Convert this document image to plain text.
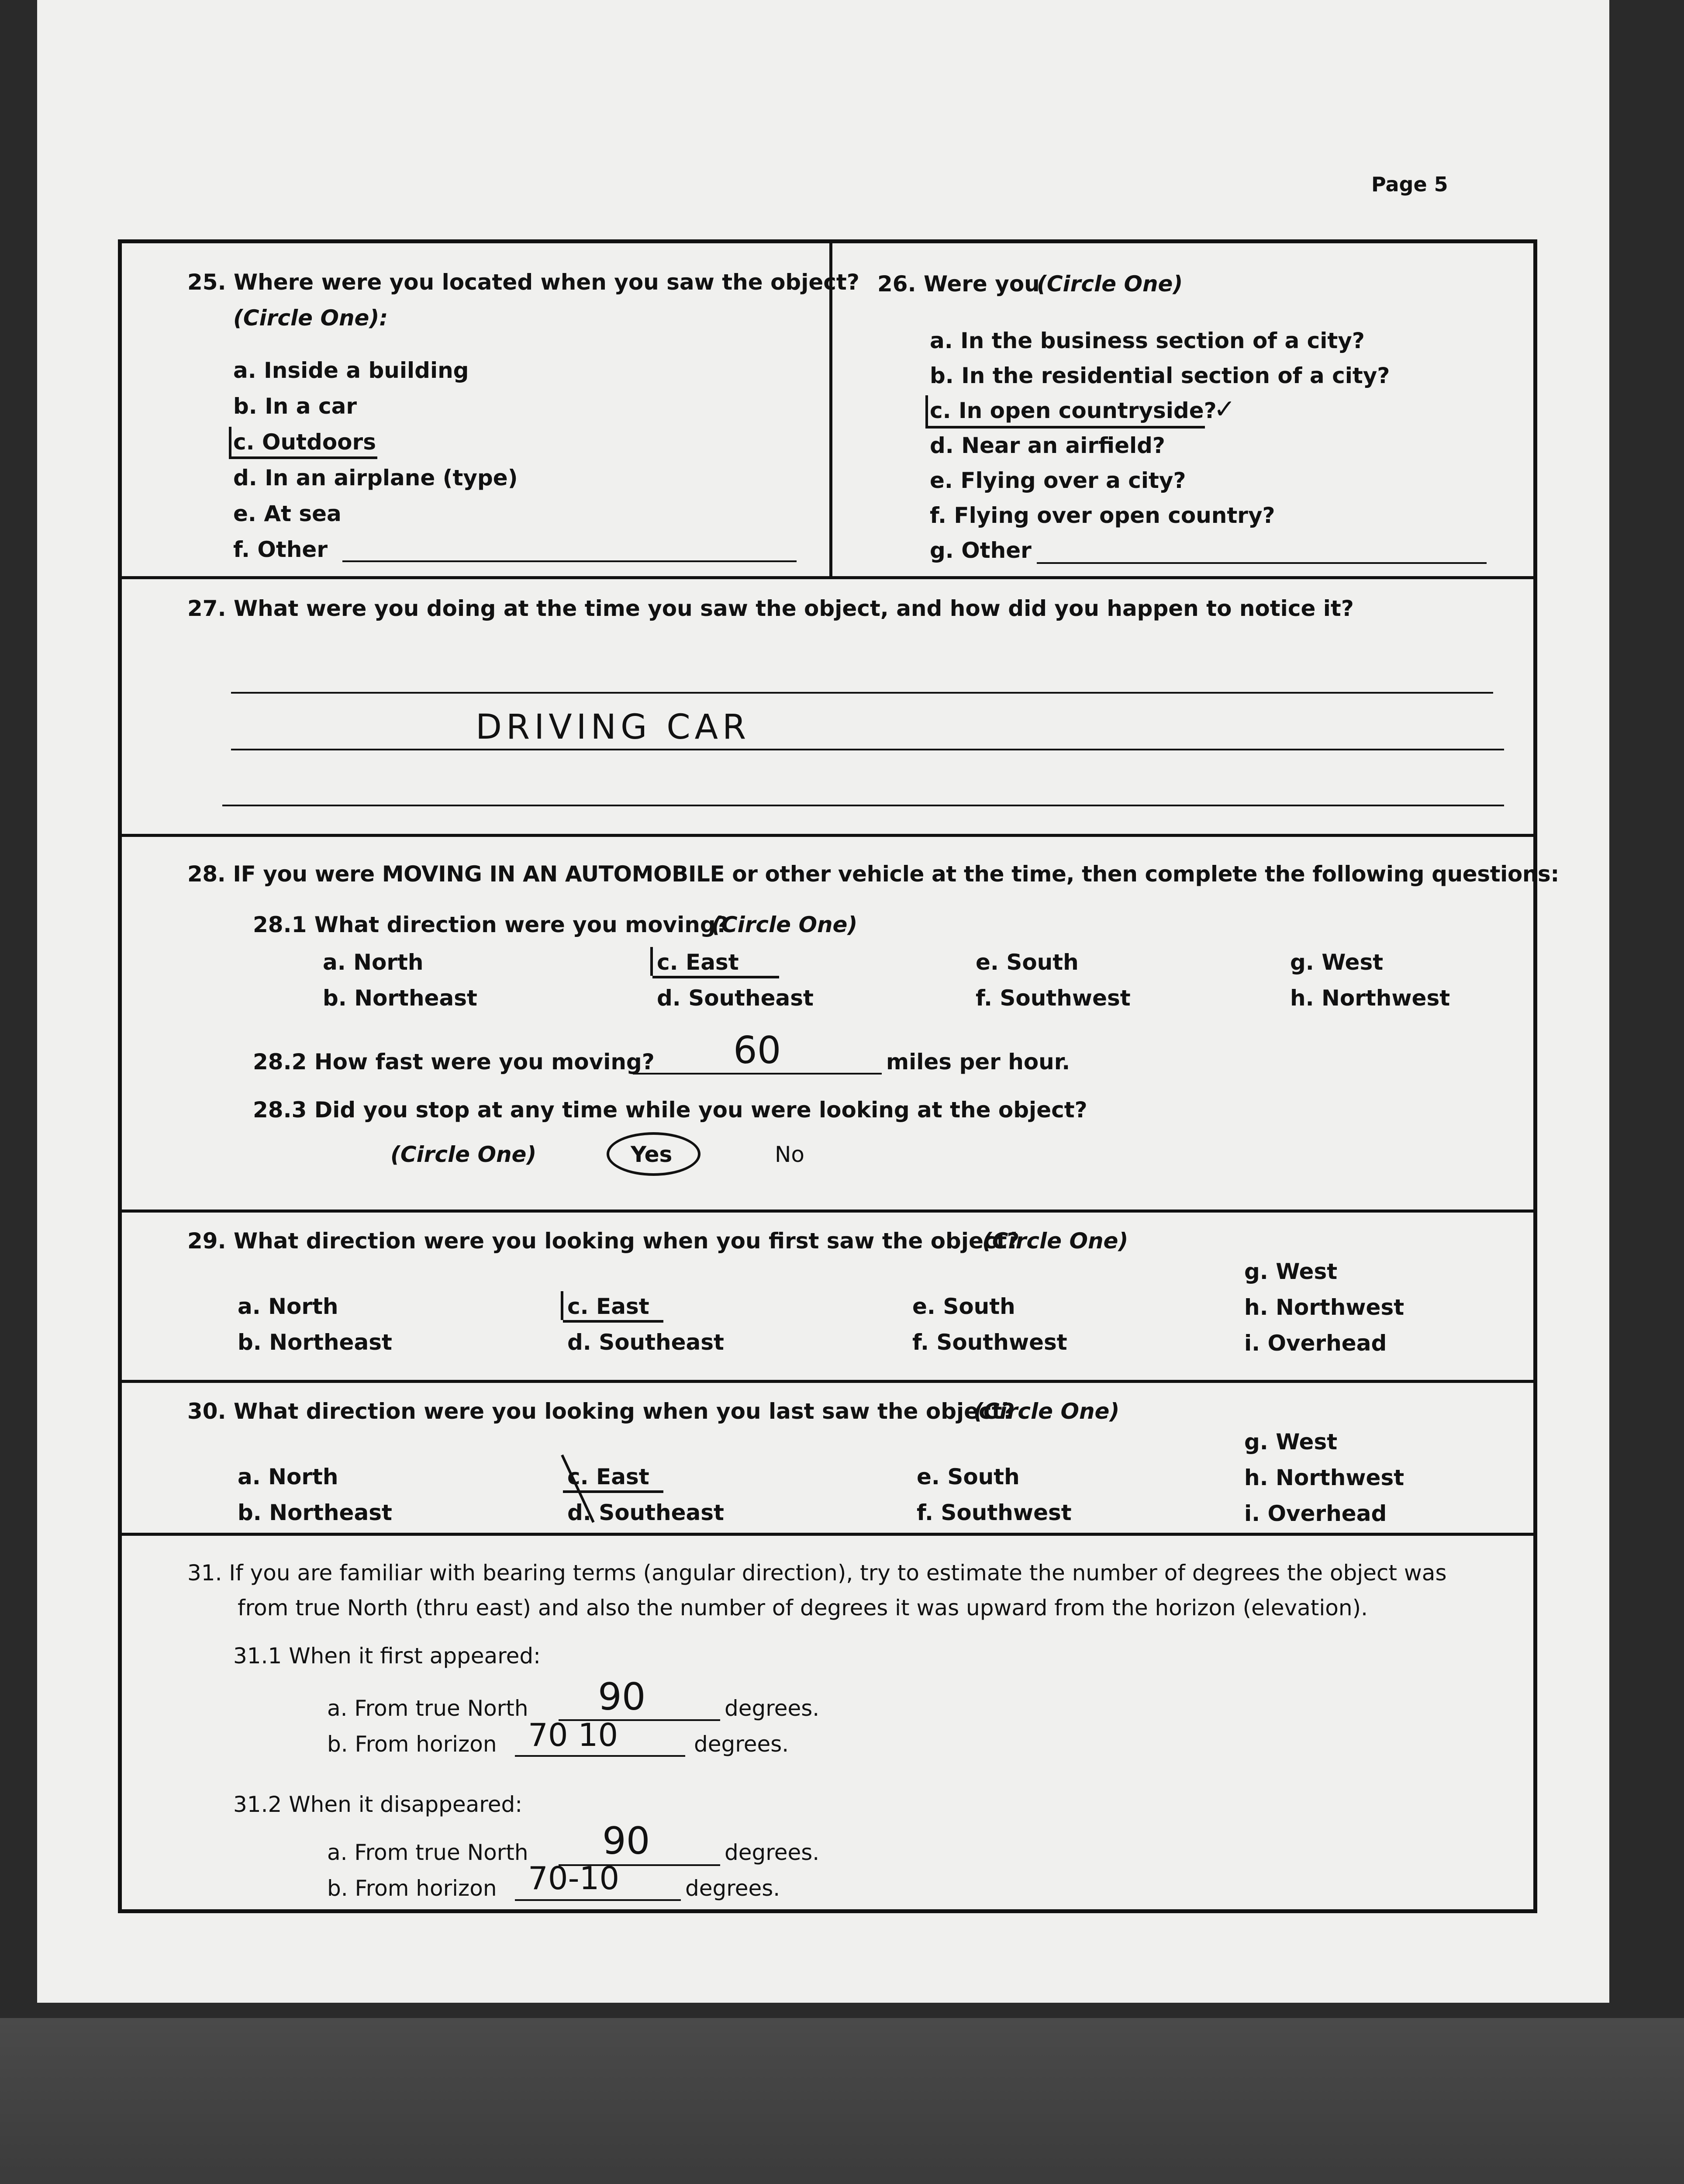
Page 5
25. Where were you located when you saw the object?
(Circle One):
a. Inside a building
b. In a car
c. Outdoors
d. In an airplane (type)
e. At sea
f. Other
26. Were you
(Circle One)
a. In the business section of a city?
b. In the residential section of a city?
c. In open countryside?
✓
d. Near an airfield?
e. Flying over a city?
f. Flying over open country?
g. Other
27. What were you doing at the time you saw the object, and how did you happen to notice it?
DRIVING CAR
28. IF you were MOVING IN AN AUTOMOBILE or other vehicle at the time, then complete the following questions:
28.1 What direction were you moving?
(Circle One)
a. North
b. Northeast
c. East
d. Southeast
e. South
f. Southwest
g. West
h. Northwest
28.2 How fast were you moving? 60	miles per hour.
28.3 Did you stop at any time while you were looking at the object?
(Circle One)	Yes	No
29. What direction were you looking when you first saw the object?
(Circle One)
a. North
b. Northeast
c. East
d. Southeast
e. South
f. Southwest
g. West
h. Northwest
i. Overhead
30. What direction were you looking when you last saw the object?
(Circle One)
a. North
b. Northeast
c. East
d. Southeast
e. South
f. Southwest
g. West
h. Northwest
i. Overhead
31. If you are familiar with bearing terms (angular direction), try to estimate the number of degrees the object was
from true North (thru east) and also the number of degrees it was upward from the horizon (elevation).
31.1 When it first appeared:
a. From true North 90	degrees.
b. From horizon 70 10	degrees.
31.2 When it disappeared:
a. From true North 90	degrees.
b. From horizon 70-10	degrees.
